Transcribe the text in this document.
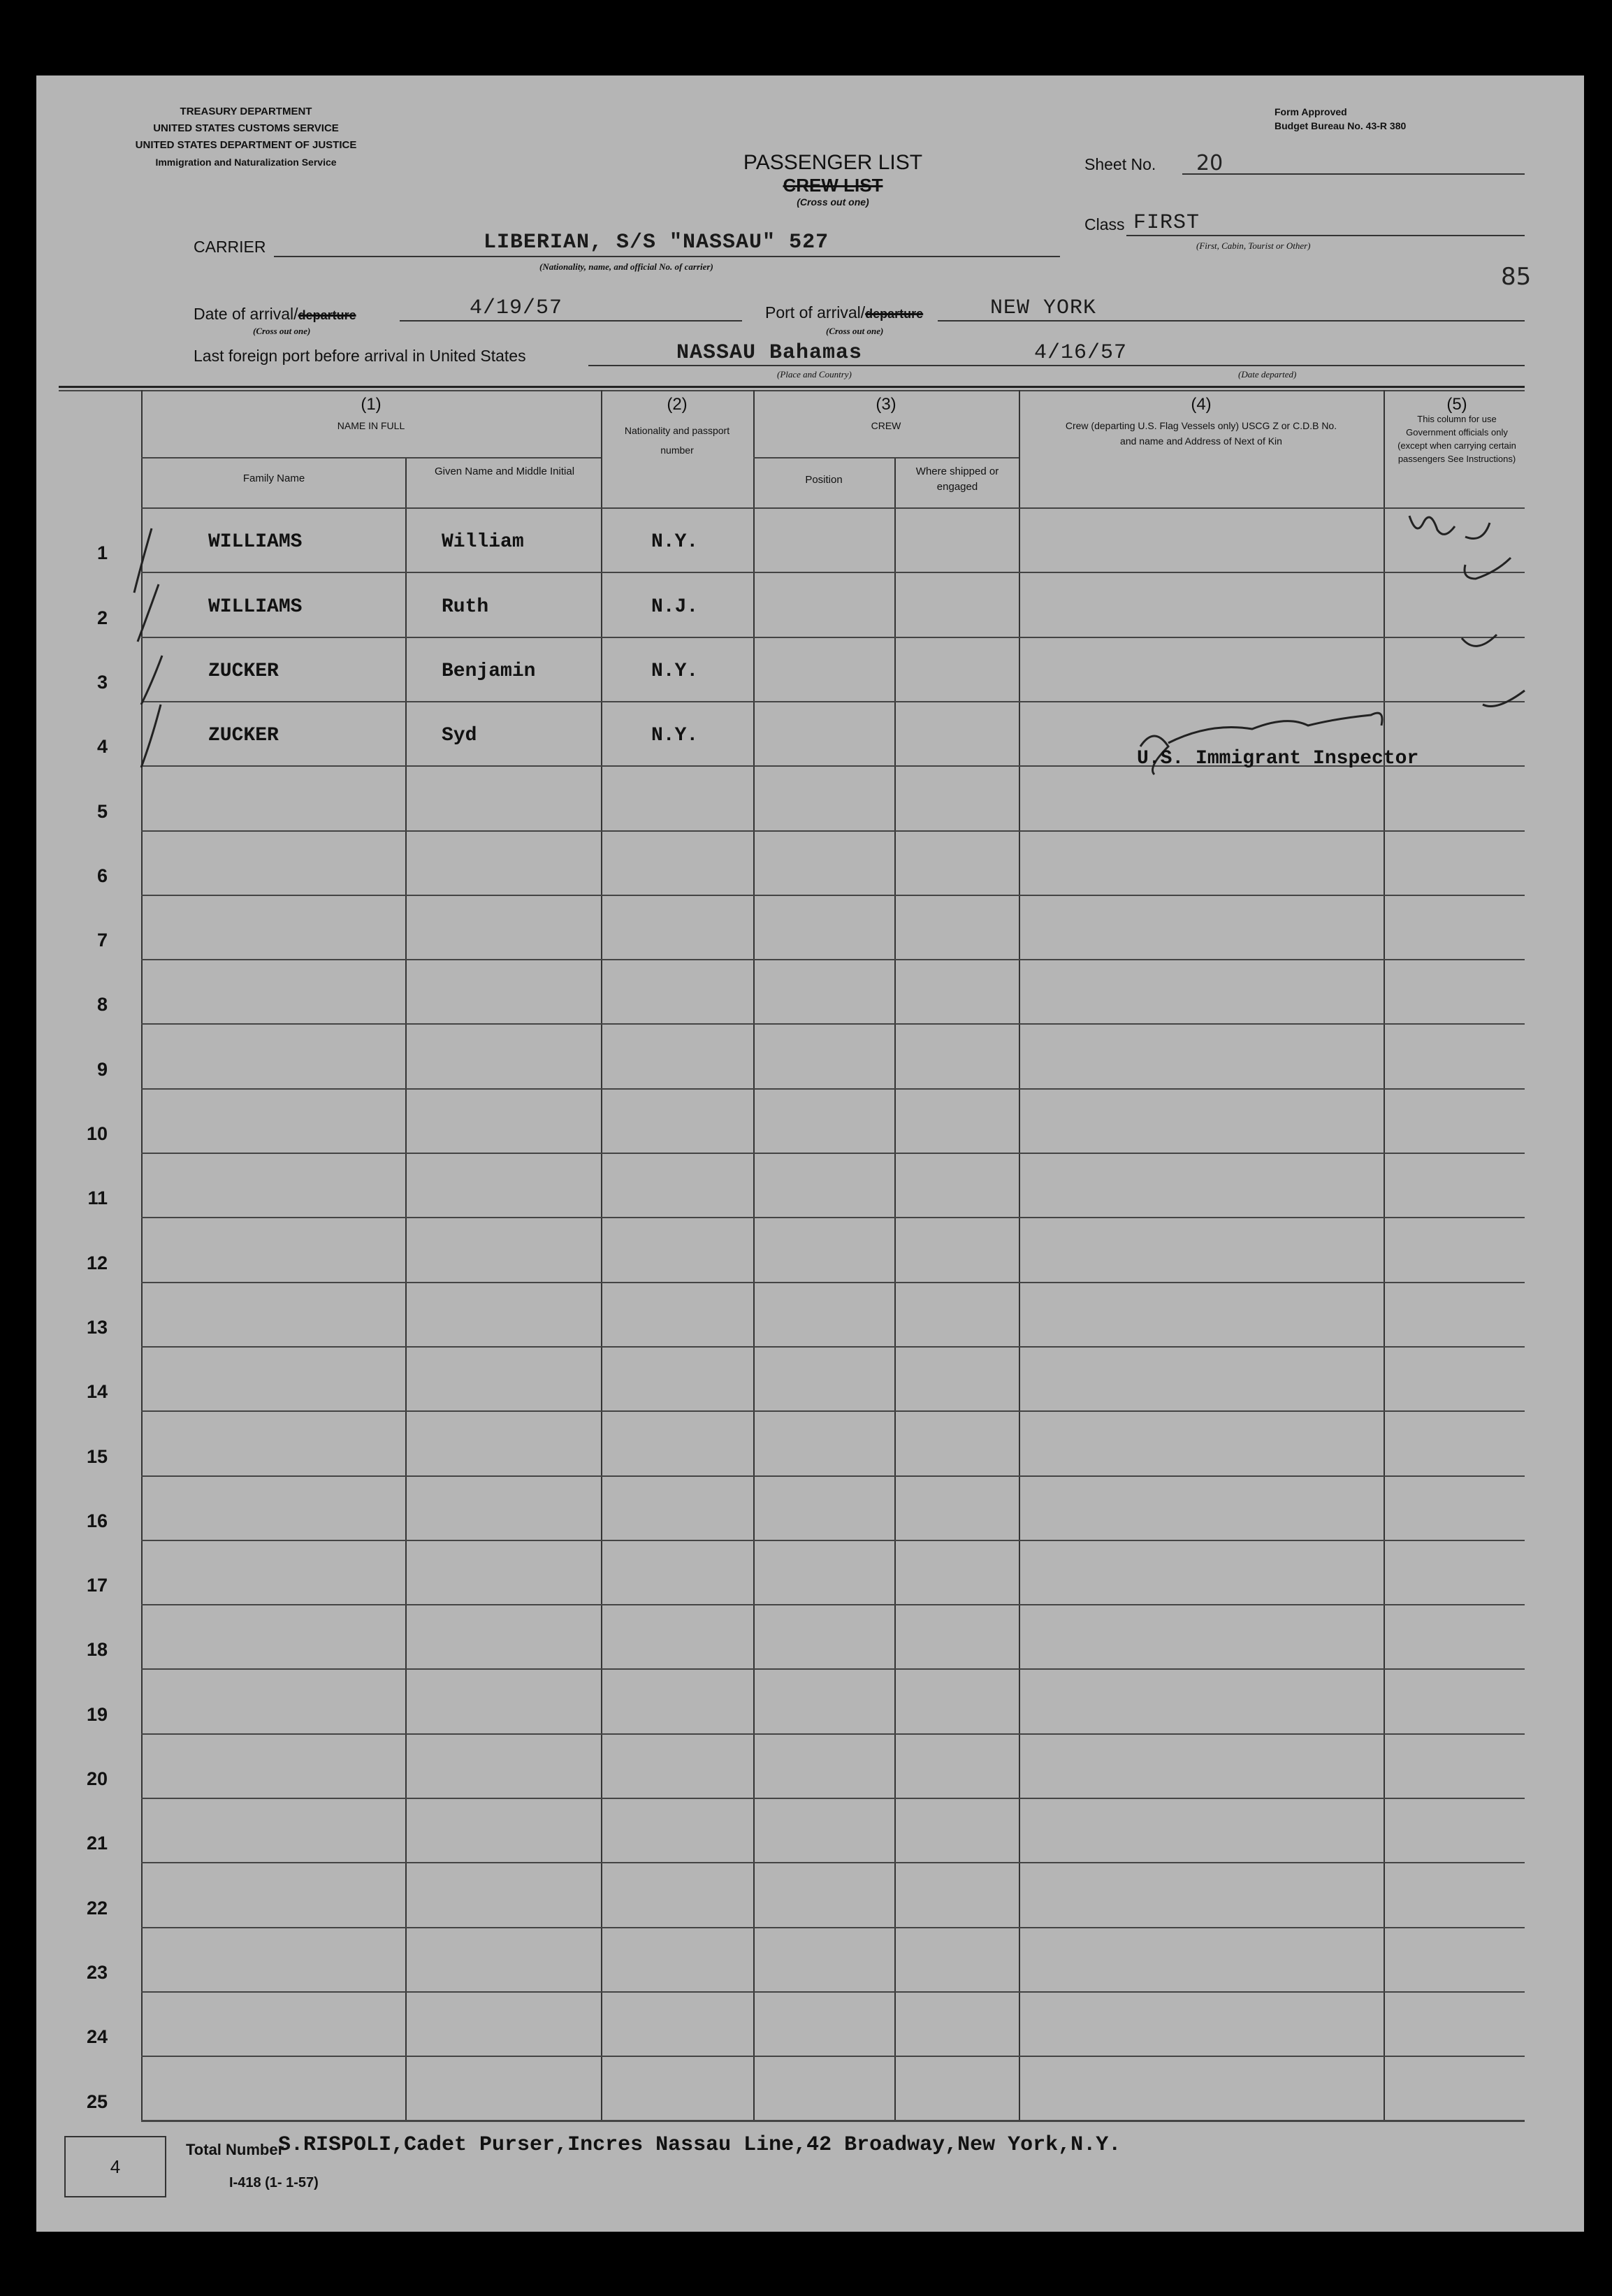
TREASURY DEPARTMENT
UNITED STATES CUSTOMS SERVICE
UNITED STATES DEPARTMENT OF JUSTICE
Immigration and Naturalization Service
Form Approved
Budget Bureau No. 43-R 380
PASSENGER LIST
CREW LIST
(Cross out one)
Sheet No. 20
Class FIRST
(First, Cabin, Tourist or Other)
85
CARRIER	LIBERIAN, S/S "NASSAU" 527
(Nationality, name, and official No. of carrier)
Date of arrival/departure	4/19/57
(Cross out one)
Port of arrival/departure	NEW YORK
(Cross out one)
Last foreign port before arrival in United States	NASSAU Bahamas
(Place and Country)
4/16/57
(Date departed)
(1)
NAME IN FULL
Family Name
Given Name and Middle Initial
(2)
Nationality and passport number
(3)
CREW
Position
Where shipped or engaged
(4)
Crew (departing U.S. Flag Vessels only) USCG Z or C.D.B No. and name and Address of Next of Kin
(5)
This column for use Government officials only (except when carrying certain passengers See Instructions)
1	WILLIAMS	William	N.Y.
2	WILLIAMS	Ruth	N.J.
3	ZUCKER	Benjamin	N.Y.
4	ZUCKER	Syd	N.Y.
5
6
7
8
9
10
11
12
13
14
15
16
17
18
19
20
21
22
23
24
25
U.S. Immigrant Inspector
4
Total Number
S.RISPOLI,Cadet Purser,Incres Nassau Line,42 Broadway,New York,N.Y.
I-418 (1- 1-57)
